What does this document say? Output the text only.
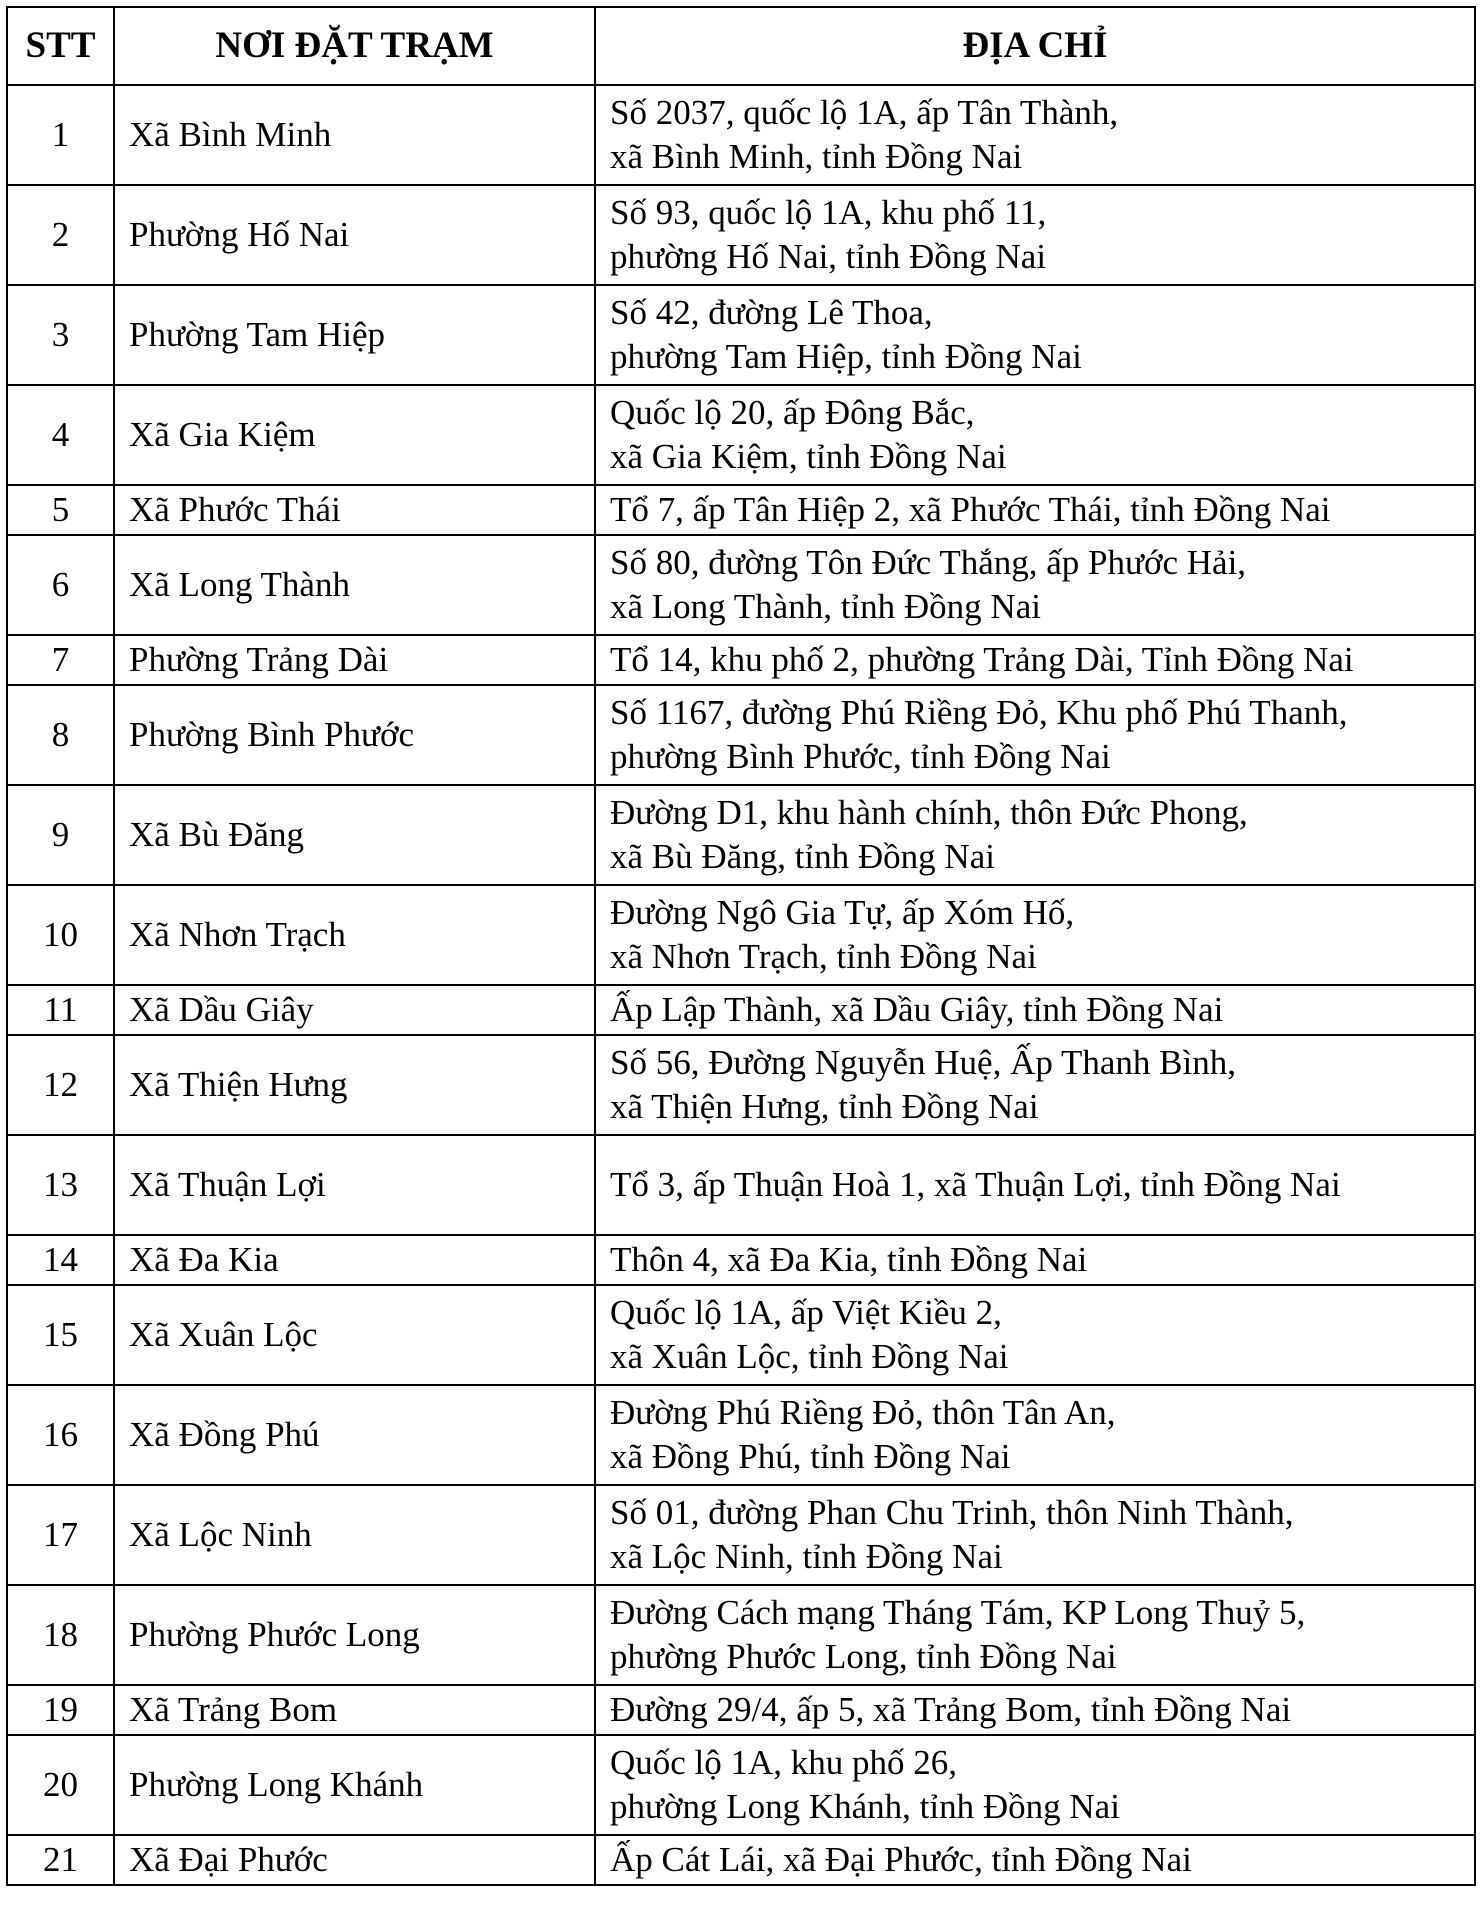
STT	NƠI ĐẶT TRẠM	ĐỊA CHỈ
1	Xã Bình Minh	Số 2037, quốc lộ 1A, ấp Tân Thành,
xã Bình Minh, tỉnh Đồng Nai

2	Phường Hố Nai	Số 93, quốc lộ 1A, khu phố 11,
phường Hố Nai, tỉnh Đồng Nai

3	Phường Tam Hiệp	Số 42, đường Lê Thoa,
phường Tam Hiệp, tỉnh Đồng Nai

4	Xã Gia Kiệm	Quốc lộ 20, ấp Đông Bắc,
xã Gia Kiệm, tỉnh Đồng Nai

5	Xã Phước Thái	Tổ 7, ấp Tân Hiệp 2, xã Phước Thái, tỉnh Đồng Nai

6	Xã Long Thành	Số 80, đường Tôn Đức Thắng, ấp Phước Hải,
xã Long Thành, tỉnh Đồng Nai

7	Phường Trảng Dài	Tổ 14, khu phố 2, phường Trảng Dài, Tỉnh Đồng Nai

8	Phường Bình Phước	Số 1167, đường Phú Riềng Đỏ, Khu phố Phú Thanh,
phường Bình Phước, tỉnh Đồng Nai

9	Xã Bù Đăng	Đường D1, khu hành chính, thôn Đức Phong,
xã Bù Đăng, tỉnh Đồng Nai

10	Xã Nhơn Trạch	Đường Ngô Gia Tự, ấp Xóm Hố,
xã Nhơn Trạch, tỉnh Đồng Nai

11	Xã Dầu Giây	Ấp Lập Thành, xã Dầu Giây, tỉnh Đồng Nai

12	Xã Thiện Hưng	Số 56, Đường Nguyễn Huệ, Ấp Thanh Bình,
xã Thiện Hưng, tỉnh Đồng Nai

13	Xã Thuận Lợi	Tổ 3, ấp Thuận Hoà 1, xã Thuận Lợi, tỉnh Đồng Nai

14	Xã Đa Kia	Thôn 4, xã Đa Kia, tỉnh Đồng Nai

15	Xã Xuân Lộc	Quốc lộ 1A, ấp Việt Kiều 2,
xã Xuân Lộc, tỉnh Đồng Nai

16	Xã Đồng Phú	Đường Phú Riềng Đỏ, thôn Tân An,
xã Đồng Phú, tỉnh Đồng Nai

17	Xã Lộc Ninh	Số 01, đường Phan Chu Trinh, thôn Ninh Thành,
xã Lộc Ninh, tỉnh Đồng Nai

18	Phường Phước Long	Đường Cách mạng Tháng Tám, KP Long Thuỷ 5,
phường Phước Long, tỉnh Đồng Nai

19	Xã Trảng Bom	Đường 29/4, ấp 5, xã Trảng Bom, tỉnh Đồng Nai

20	Phường Long Khánh	Quốc lộ 1A, khu phố 26,
phường Long Khánh, tỉnh Đồng Nai

21	Xã Đại Phước	Ấp Cát Lái, xã Đại Phước, tỉnh Đồng Nai
